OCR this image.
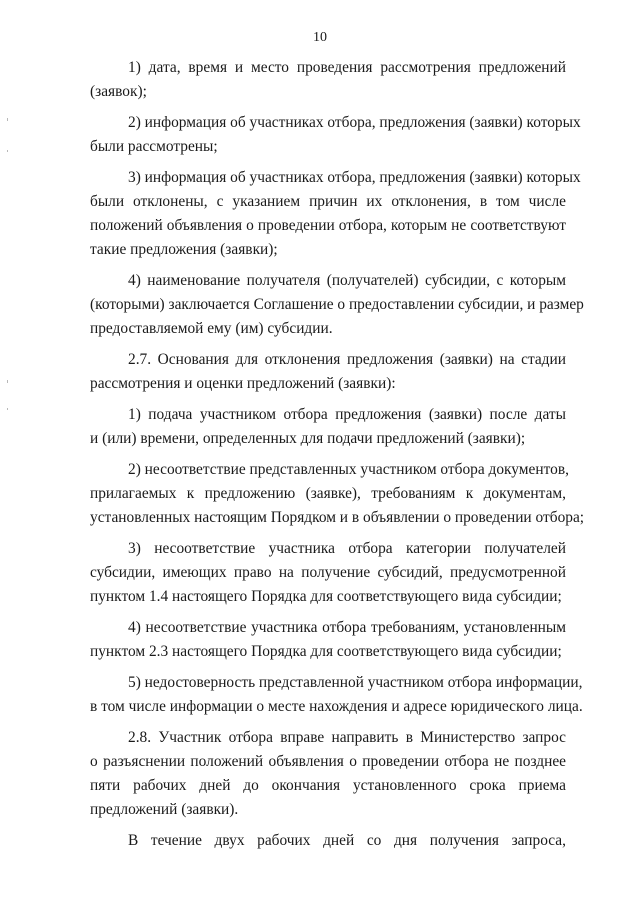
10

1) дата, время и место проведения рассмотрения предложений
(заявок);

2) информация об участниках отбора, предложения (заявки) которых
были рассмотрены;

3) информация об участниках отбора, предложения (заявки) которых
были отклонены, с указанием причин их отклонения, в том числе
положений объявления о проведении отбора, которым не соответствуют
такие предложения (заявки);

4) наименование получателя (получателей) субсидии, с которым
(которыми) заключается Соглашение о предоставлении субсидии, и размер
предоставляемой ему (им) субсидии.

2.7. Основания для отклонения предложения (заявки) на стадии
рассмотрения и оценки предложений (заявки):

1) подача участником отбора предложения (заявки) после даты
и (или) времени, определенных для подачи предложений (заявки);

2) несоответствие представленных участником отбора документов,
прилагаемых к предложению (заявке), требованиям к документам,
установленных настоящим Порядком и в объявлении о проведении отбора;

3) несоответствие участника отбора категории получателей
субсидии, имеющих право на получение субсидий, предусмотренной
пунктом 1.4 настоящего Порядка для соответствующего вида субсидии;

4) несоответствие участника отбора требованиям, установленным
пунктом 2.3 настоящего Порядка для соответствующего вида субсидии;

5) недостоверность представленной участником отбора информации,
в том числе информации о месте нахождения и адресе юридического лица.

2.8. Участник отбора вправе направить в Министерство запрос
о разъяснении положений объявления о проведении отбора не позднее
пяти рабочих дней до окончания установленного срока приема
предложений (заявки).

В течение двух рабочих дней со дня получения запроса,
